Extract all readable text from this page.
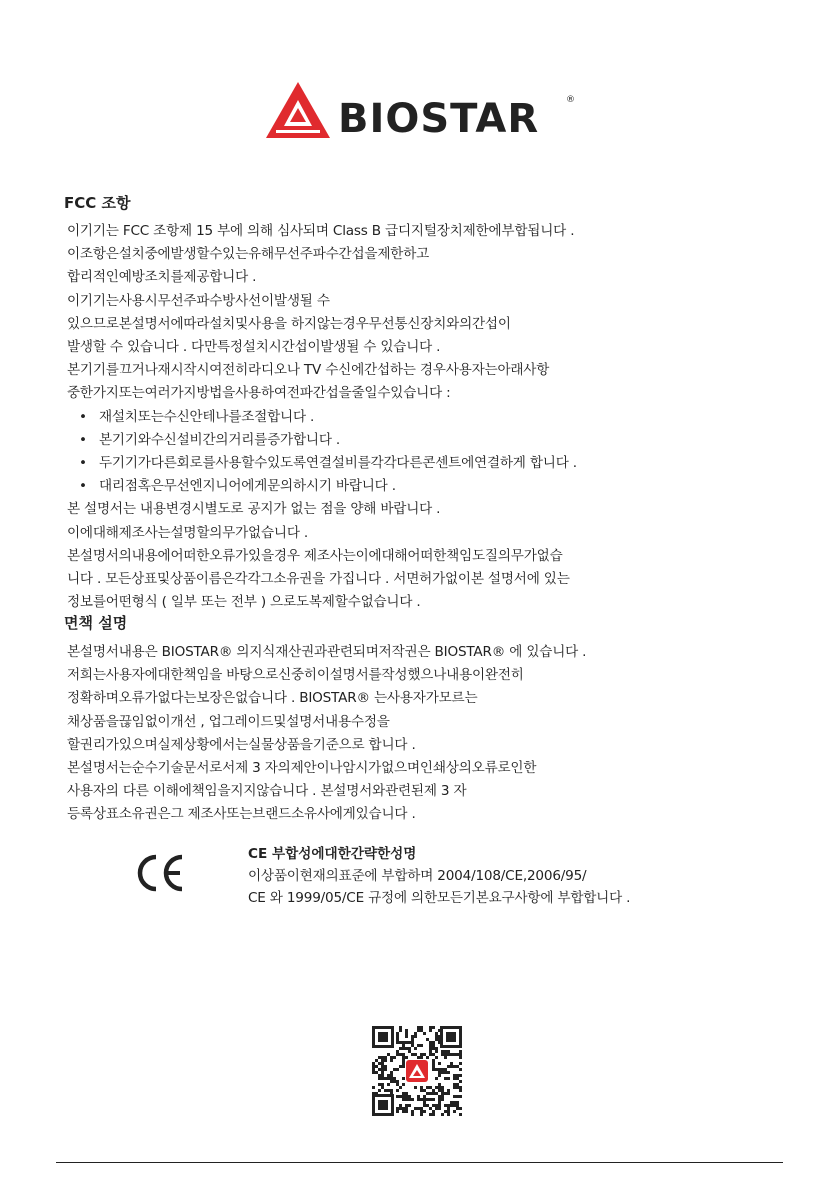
BIOSTAR	®
FCC 조항
이기기는 FCC 조항제 15 부에 의해 심사되며 Class B 급디지털장치제한에부합됩니다 .
이조항은설치중에발생할수있는유해무선주파수간섭을제한하고
합리적인예방조치를제공합니다 .
이기기는사용시무선주파수방사선이발생될 수
있으므로본설명서에따라설치및사용을 하지않는경우무선통신장치와의간섭이
발생할 수 있습니다 . 다만특정설치시간섭이발생될 수 있습니다 .
본기기를끄거나재시작시여전히라디오나 TV 수신에간섭하는 경우사용자는아래사항
중한가지또는여러가지방법을사용하여전파간섭을줄일수있습니다 :
• 재설치또는수신안테나를조절합니다 .
• 본기기와수신설비간의거리를증가합니다 .
• 두기기가다른회로를사용할수있도록연결설비를각각다른콘센트에연결하게 합니다 .
• 대리점혹은무선엔지니어에게문의하시기 바랍니다 .
본 설명서는 내용변경시별도로 공지가 없는 점을 양해 바랍니다 .
이에대해제조사는설명할의무가없습니다 .
본설명서의내용에어떠한오류가있을경우 제조사는이에대해어떠한책임도질의무가없습
니다 . 모든상표및상품이름은각각그소유권을 가집니다 . 서면허가없이본 설명서에 있는
정보를어떤형식 ( 일부 또는 전부 ) 으로도복제할수없습니다 .
면책 설명
본설명서내용은 BIOSTAR® 의지식재산권과관련되며저작권은 BIOSTAR® 에 있습니다 .
저희는사용자에대한책임을 바탕으로신중히이설명서를작성했으나내용이완전히
정확하며오류가없다는보장은없습니다 . BIOSTAR® 는사용자가모르는
채상품을끊임없이개선 , 업그레이드및설명서내용수정을
할권리가있으며실제상황에서는실물상품을기준으로 합니다 .
본설명서는순수기술문서로서제 3 자의제안이나암시가없으며인쇄상의오류로인한
사용자의 다른 이해에책임을지지않습니다 . 본설명서와관련된제 3 자
등록상표소유권은그 제조사또는브랜드소유사에게있습니다 .
CE	CE 부합성에대한간략한성명
이상품이현재의표준에 부합하며 2004/108/CE,2006/95/
CE 와 1999/05/CE 규정에 의한모든기본요구사항에 부합합니다 .
